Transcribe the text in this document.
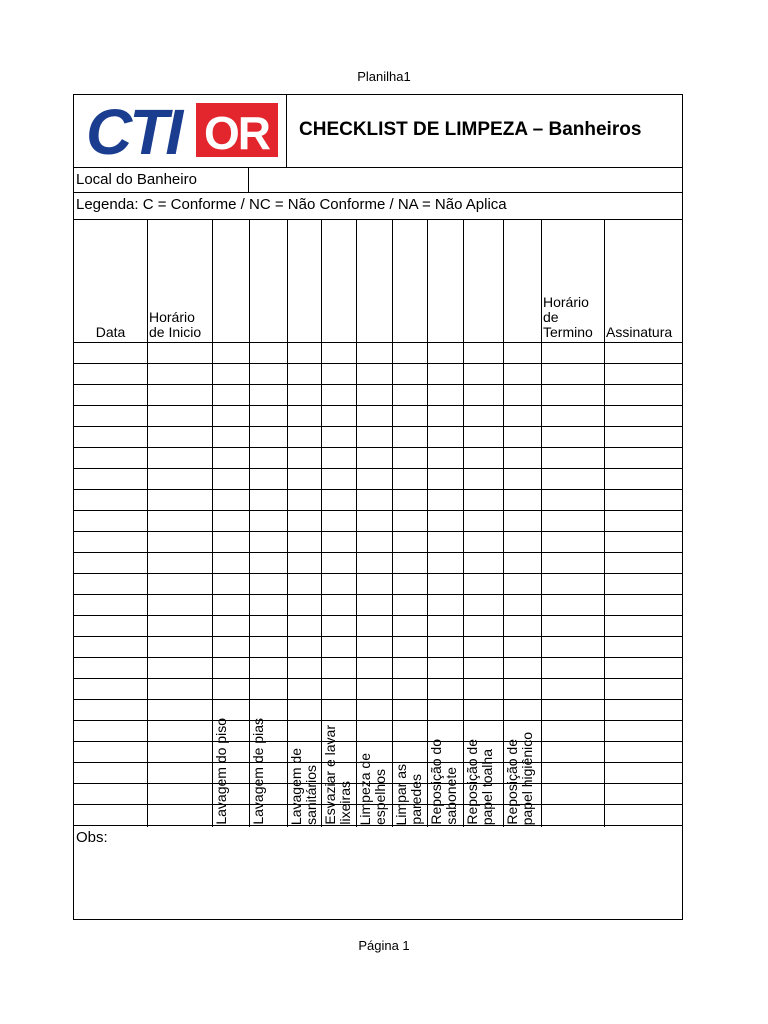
Planilha1
CTI OR CHECKLIST DE LIMPEZA – Banheiros
Local do Banheiro
Legenda: C = Conforme / NC = Não Conforme / NA = Não Aplica
Data
Horário
de Inicio
Lavagem do piso Lavagem de pias Lavagem de sanitários Esvaziar e lavar lixeiras Limpeza de espelhos Limpar as paredes Reposição do sabonete Reposição de papel toalha Reposição de papel higiênico
Horário
de
Termino Assinatura
Obs:
Página 1
